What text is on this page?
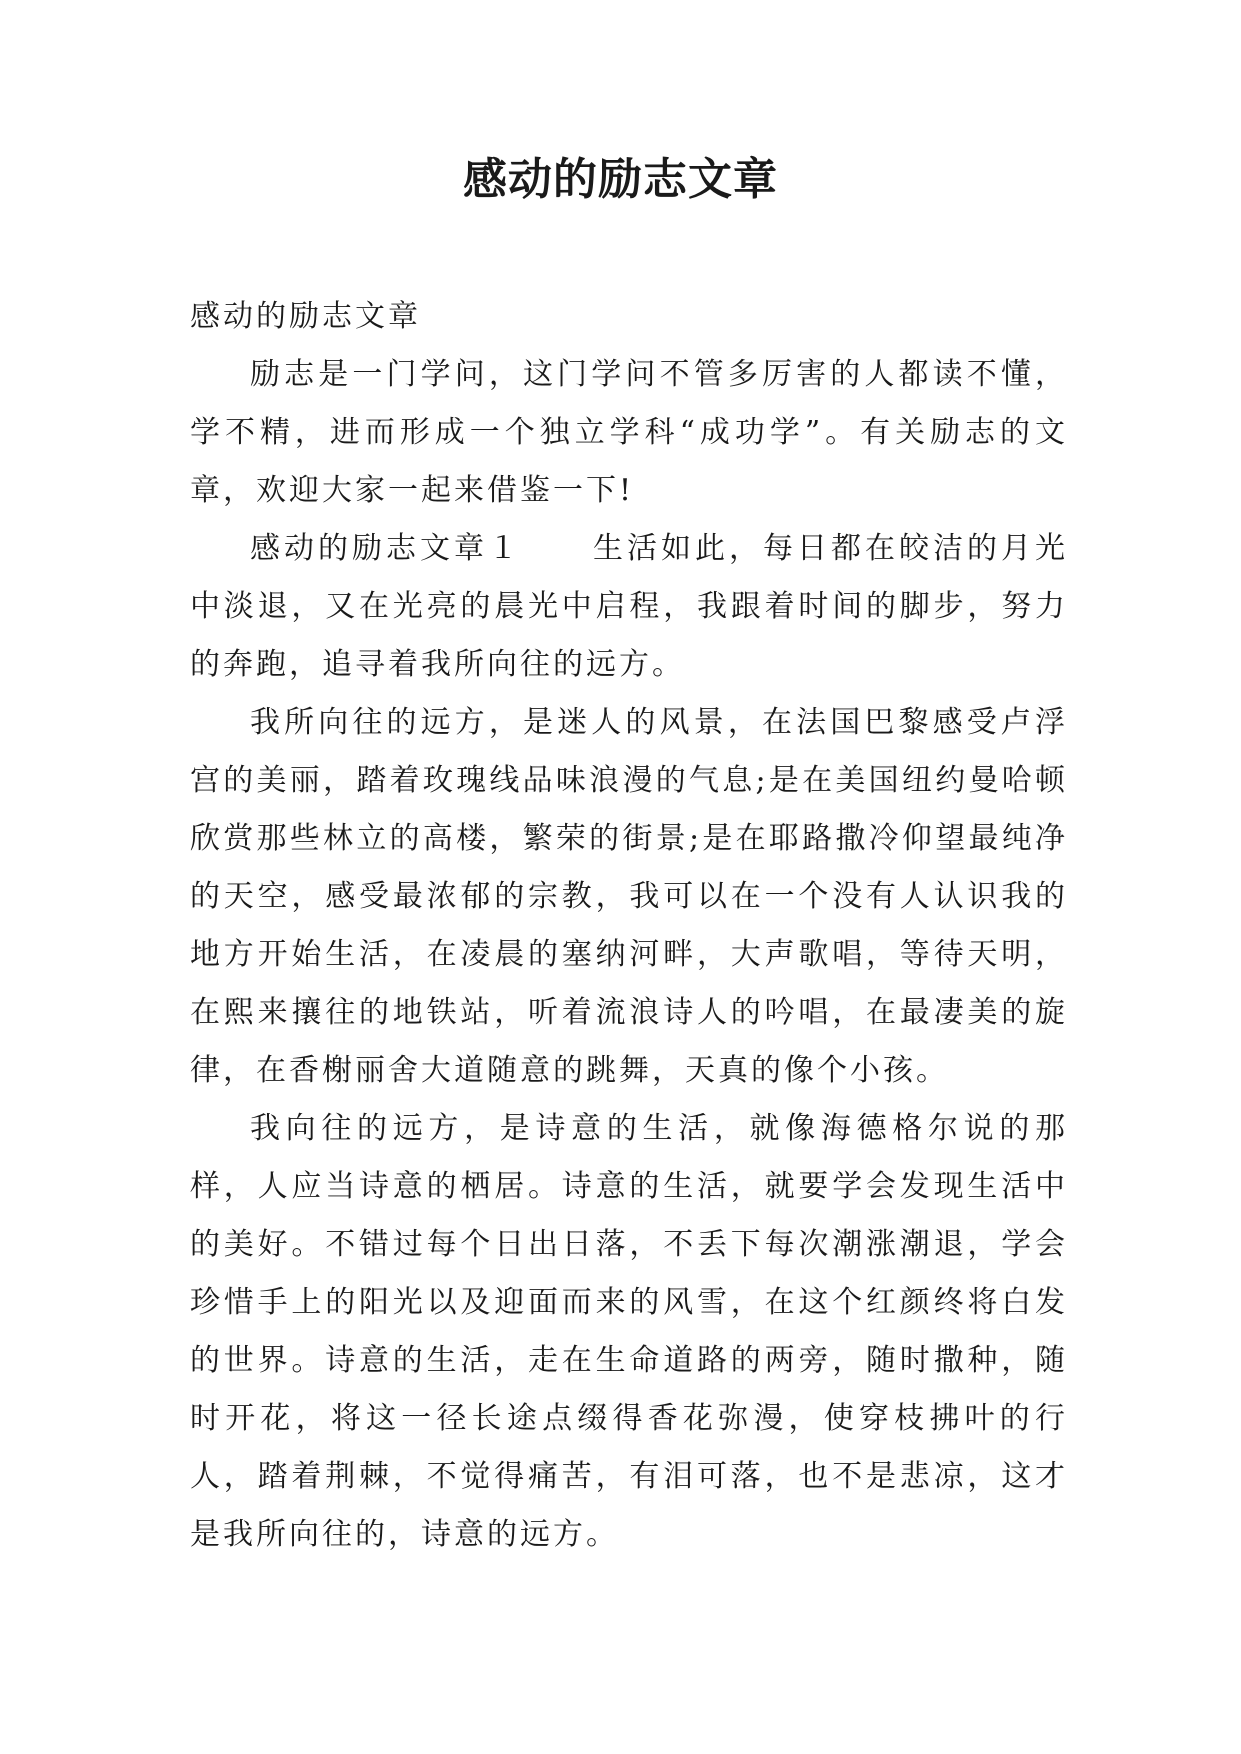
感动的励志文章

感动的励志文章

励志是一门学问，这门学问不管多厉害的人都读不懂，学不精，进而形成一个独立学科“成功学”。有关励志的文章，欢迎大家一起来借鉴一下!

感动的励志文章１ 生活如此，每日都在皎洁的月光中淡退，又在光亮的晨光中启程，我跟着时间的脚步，努力的奔跑，追寻着我所向往的远方。

我所向往的远方，是迷人的风景，在法国巴黎感受卢浮宫的美丽，踏着玫瑰线品味浪漫的气息;是在美国纽约曼哈顿欣赏那些林立的高楼，繁荣的街景;是在耶路撒冷仰望最纯净的天空，感受最浓郁的宗教，我可以在一个没有人认识我的地方开始生活，在凌晨的塞纳河畔，大声歌唱，等待天明，在熙来攘往的地铁站，听着流浪诗人的吟唱，在最凄美的旋律，在香榭丽舍大道随意的跳舞，天真的像个小孩。

我向往的远方，是诗意的生活，就像海德格尔说的那样，人应当诗意的栖居。诗意的生活，就要学会发现生活中的美好。不错过每个日出日落，不丢下每次潮涨潮退，学会珍惜手上的阳光以及迎面而来的风雪，在这个红颜终将白发的世界。诗意的生活，走在生命道路的两旁，随时撒种，随时开花，将这一径长途点缀得香花弥漫，使穿枝拂叶的行人，踏着荆棘，不觉得痛苦，有泪可落，也不是悲凉，这才是我所向往的，诗意的远方。
